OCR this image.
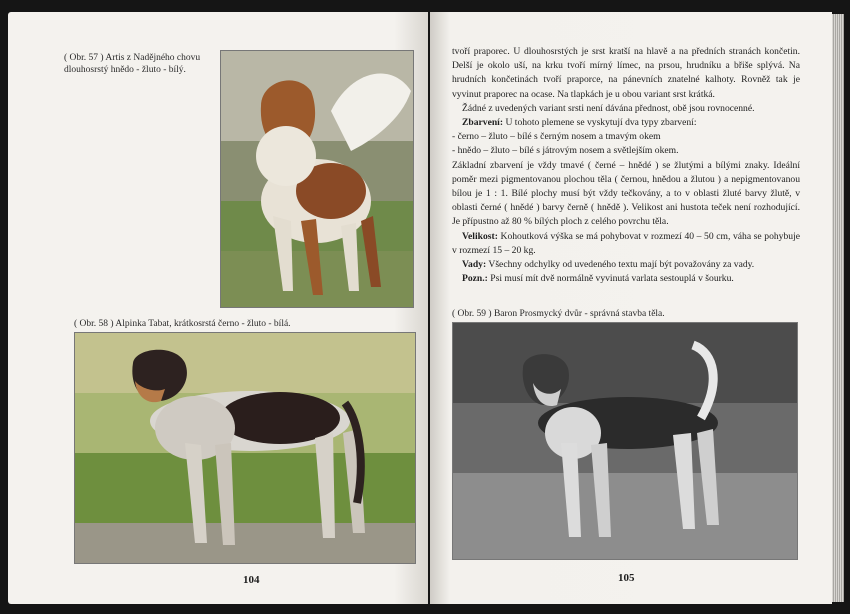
( Obr. 57 ) Artis z Nadějného chovu dlouhosrstý hnědo - žluto - bílý.
( Obr. 58 ) Alpinka Tabat, krátkosrstá černo - žluto - bílá.
104

tvoří praporec. U dlouhosrstých je srst kratší na hlavě a na předních stranách končetin. Delší je okolo uší, na krku tvoří mírný límec, na prsou, hrudníku a břiše splývá. Na hrudních končetinách tvoří praporce, na pánevních znatelné kalhoty. Rovněž tak je vyvinut praporec na ocase. Na tlapkách je u obou variant srst krátká.

Žádné z uvedených variant srsti není dávána přednost, obě jsou rovnocenné.

Zbarvení: U tohoto plemene se vyskytují dva typy zbarvení:

- černo – žluto – bílé s černým nosem a tmavým okem

- hnědo – žluto – bílé s játrovým nosem a světlejším okem.

Základní zbarvení je vždy tmavé ( černé – hnědé ) se žlutými a bílými znaky. Ideální poměr mezi pigmentovanou plochou těla ( černou, hnědou a žlutou ) a nepigmentovanou bílou je 1 : 1. Bílé plochy musí být vždy tečkovány, a to v oblasti žluté barvy žlutě, v oblasti černé ( hnědé ) barvy černě ( hnědě ). Velikost ani hustota teček není rozhodující. Je přípustno až 80 % bílých ploch z celého povrchu těla.

Velikost: Kohoutková výška se má pohybovat v rozmezí 40 – 50 cm, váha se pohybuje v rozmezí 15 – 20 kg.

Vady: Všechny odchylky od uvedeného textu mají být považovány za vady.

Pozn.: Psi musí mít dvě normálně vyvinutá varlata sestouplá v šourku.

( Obr. 59 ) Baron Prosmycký dvůr - správná stavba těla.
105
